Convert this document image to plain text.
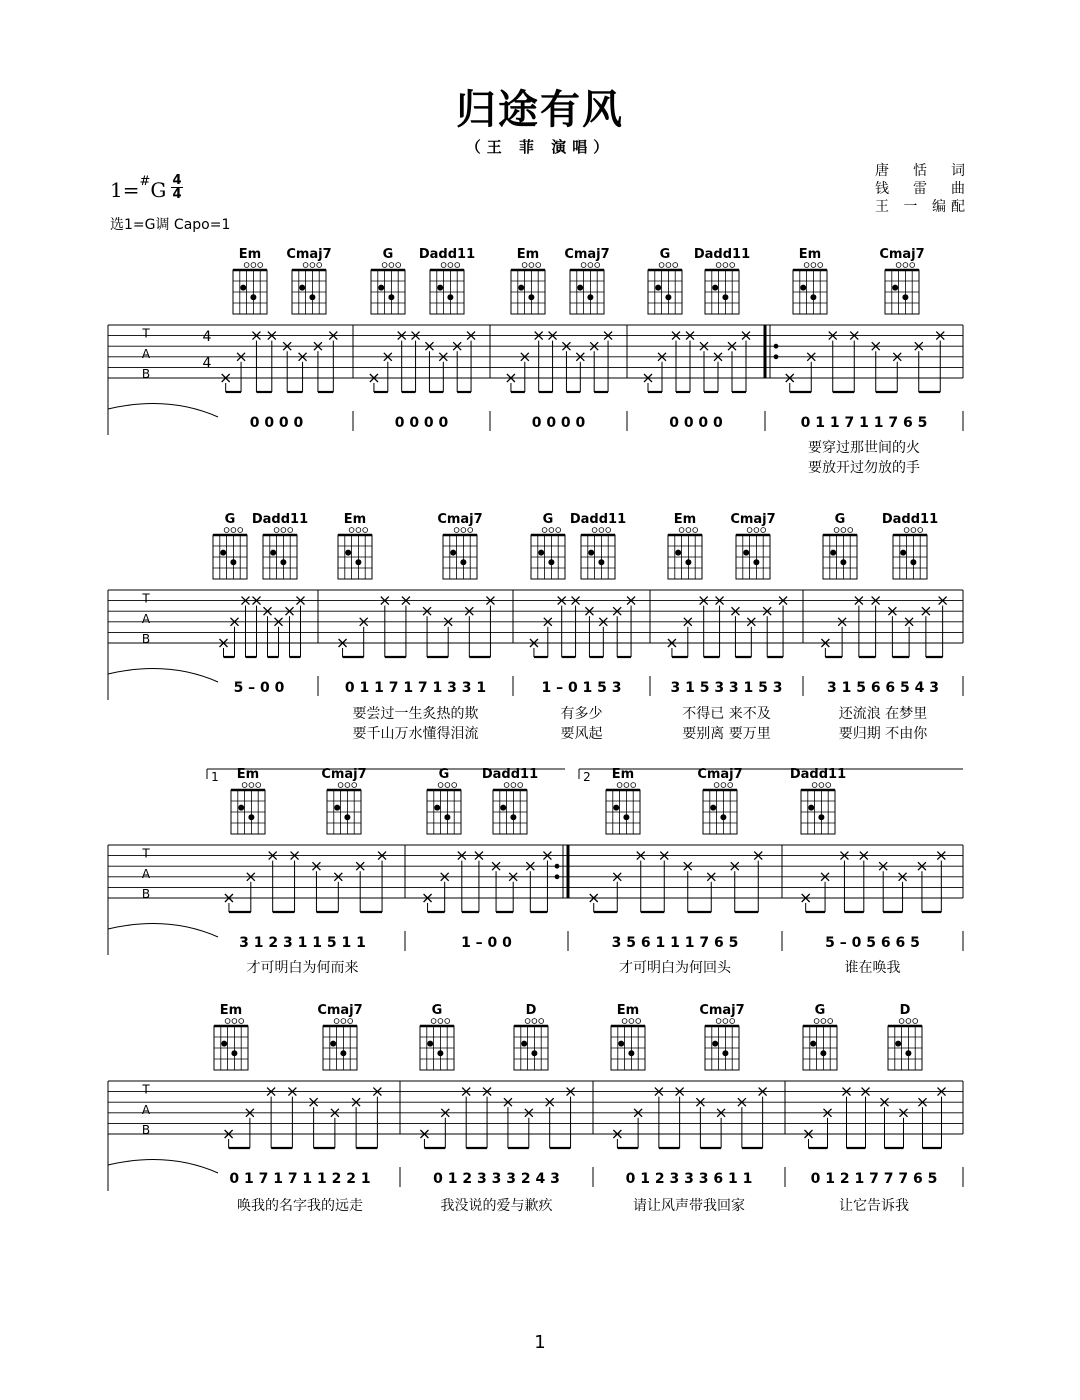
归途有风
（王 菲 演唱）
1=#G 4
4
选1=G调 Capo=1
唐 恬 词
钱 雷 曲
王 一 编配
Em Cmaj7	G Dadd11	Em Cmaj7	G Dadd11	Em	Cmaj7
T
A
B
4
4
0 0 0 0	0 0 0 0	0 0 0 0	0 0 0 0	0 1 1 7 1 1 7 6 5
要穿过那世间的火
要放开过勿放的手
G Dadd11	Em	Cmaj7	G Dadd11	Em	Cmaj7	G	Dadd11
T
A
B
5 – 0 0	0 1 1 7 1 7 1 3 3 1	1 – 0 1 5 3	3 1 5 3 3 1 5 3	3 1 5 6 6 5 4 3
要尝过一生炙热的欺	有多少	不得已 来不及	还流浪 在梦里
要千山万水懂得泪流	要风起	要别离 要万里	要归期 不由你
Em	Cmaj7	G	Dadd11	Em	Cmaj7	Dadd11
T
A
B
1	2
3 1 2 3 1 1 5 1 1	1 – 0 0	3 5 6 1 1 1 7 6 5	5 – 0 5 6 6 5
才可明白为何而来	才可明白为何回头	谁在唤我
Em	Cmaj7	G	D	Em	Cmaj7	G	D
T
A
B
0 1 7 1 7 1 1 2 2 1	0 1 2 3 3 3 2 4 3	0 1 2 3 3 3 6 1 1	0 1 2 1 7 7 7 6 5
唤我的名字我的远走	我没说的爱与歉疚	请让风声带我回家	让它告诉我
1
